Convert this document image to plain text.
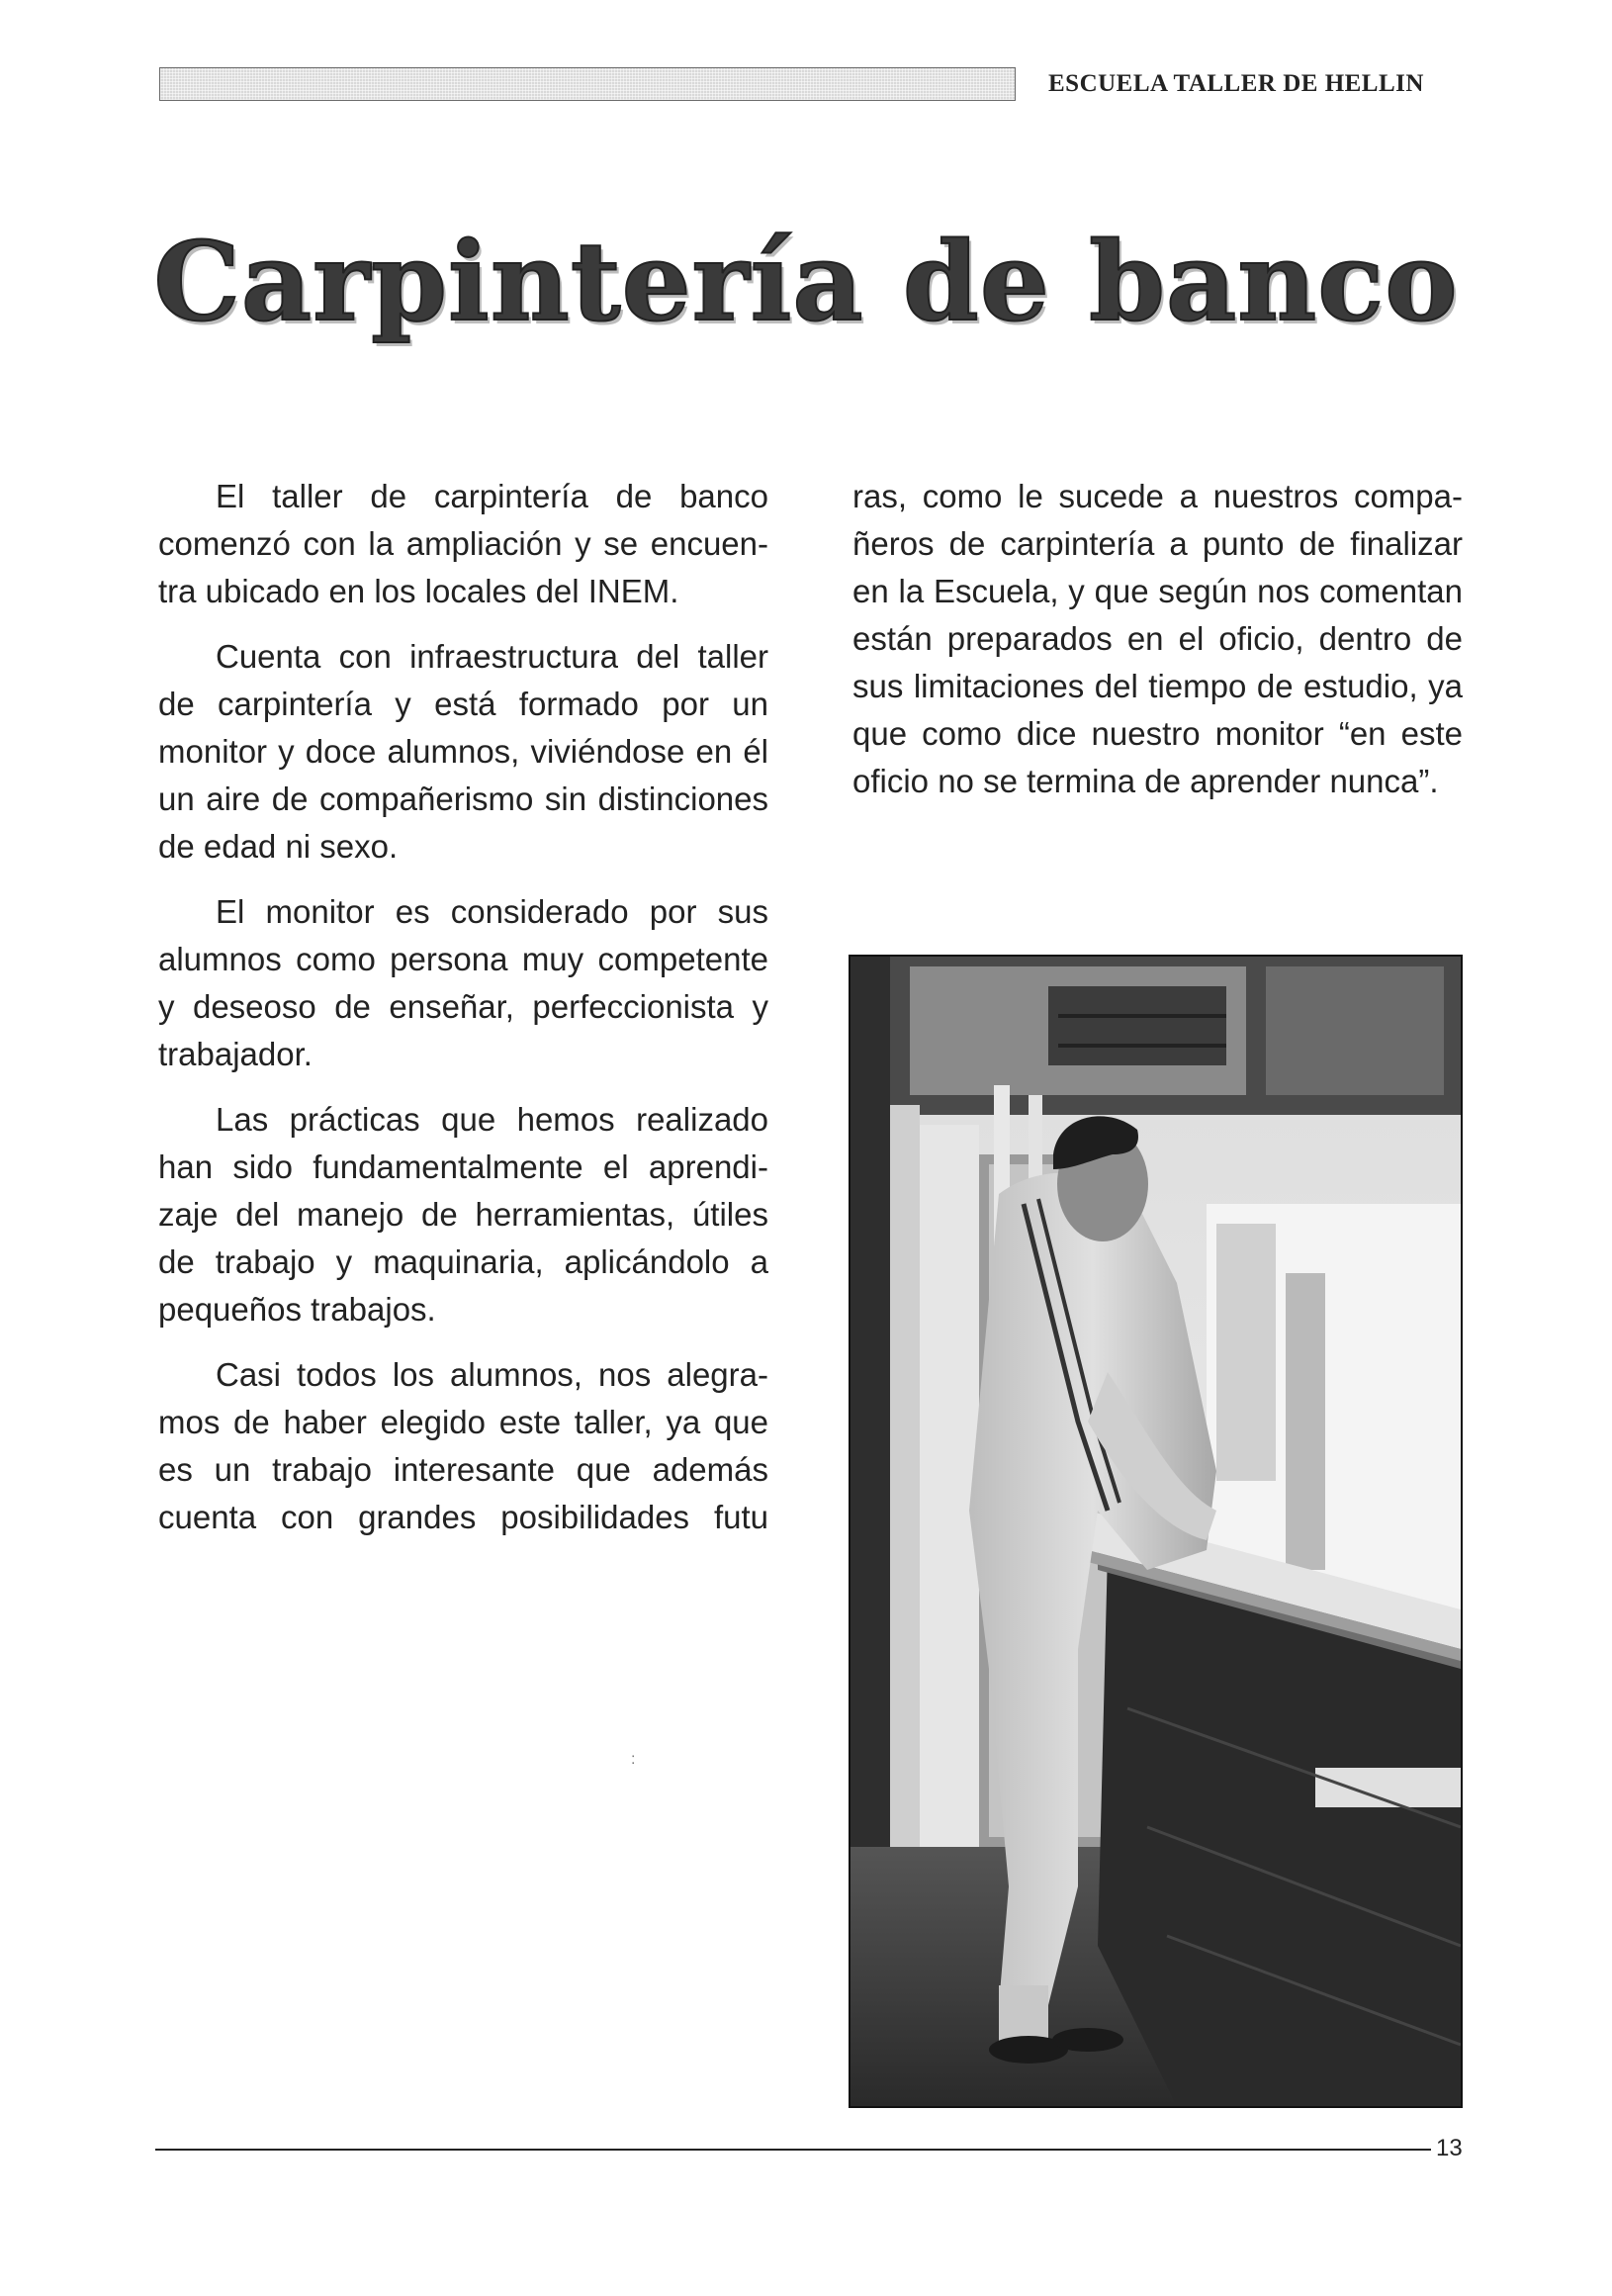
ESCUELA TALLER DE HELLIN
Carpintería de banco

El taller de carpintería de banco comenzó con la ampliación y se encuentra ubicado en los locales del INEM.

Cuenta con infraestructura del taller de carpintería y está formado por un monitor y doce alumnos, viviéndose en él un aire de compañerismo sin distinciones de edad ni sexo.

El monitor es considerado por sus alumnos como persona muy competente y deseoso de enseñar, perfeccionista y trabajador.

Las prácticas que hemos realizado han sido fundamentalmente el aprendizaje del manejo de herramientas, útiles de trabajo y maquinaria, aplicándolo a pequeños trabajos.

Casi todos los alumnos, nos alegramos de haber elegido este taller, ya que es un trabajo interesante que además cuenta con grandes posibilidades futu

ras, como le sucede a nuestros compañeros de carpintería a punto de finalizar en la Escuela, y que según nos comentan están preparados en el oficio, dentro de sus limitaciones del tiempo de estudio, ya que como dice nuestro monitor “en este oficio no se termina de aprender nunca”.

:
13
